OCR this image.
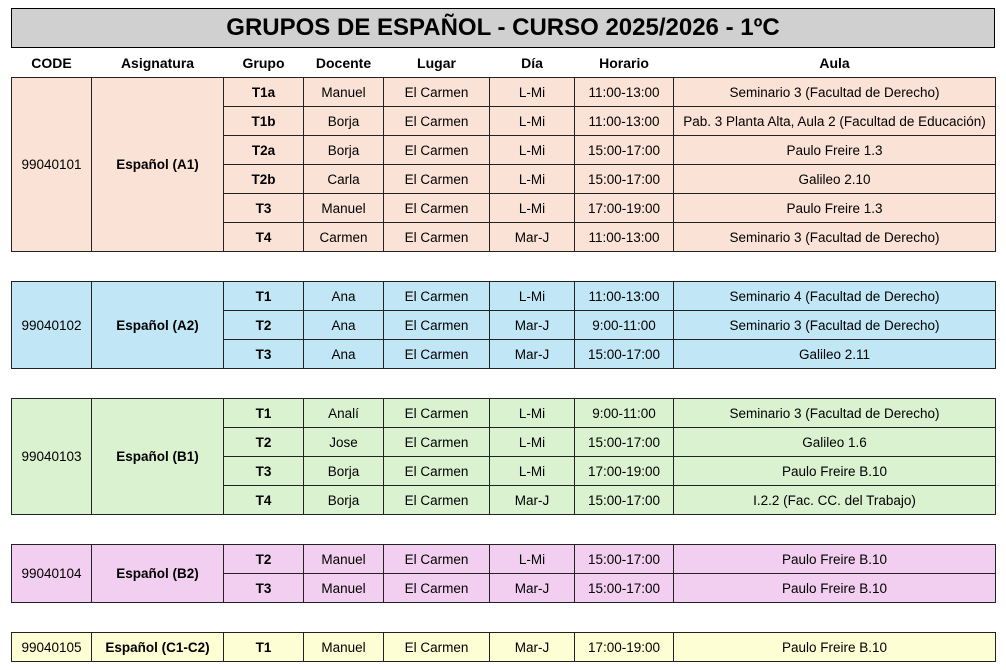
GRUPOS DE ESPAÑOL - CURSO 2025/2026 - 1ºC
CODE	Asignatura	Grupo	Docente	Lugar	Día	Horario	Aula
99040101	Español (A1)	T1a	Manuel	El Carmen	L-Mi	11:00-13:00	Seminario 3 (Facultad de Derecho)
		T1b	Borja	El Carmen	L-Mi	11:00-13:00	Pab. 3 Planta Alta, Aula 2 (Facultad de Educación)
		T2a	Borja	El Carmen	L-Mi	15:00-17:00	Paulo Freire 1.3
		T2b	Carla	El Carmen	L-Mi	15:00-17:00	Galileo 2.10
		T3	Manuel	El Carmen	L-Mi	17:00-19:00	Paulo Freire 1.3
		T4	Carmen	El Carmen	Mar-J	11:00-13:00	Seminario 3 (Facultad de Derecho)

99040102	Español (A2)	T1	Ana	El Carmen	L-Mi	11:00-13:00	Seminario 4 (Facultad de Derecho)
		T2	Ana	El Carmen	Mar-J	9:00-11:00	Seminario 3 (Facultad de Derecho)
		T3	Ana	El Carmen	Mar-J	15:00-17:00	Galileo 2.11

99040103	Español (B1)	T1	Analí	El Carmen	L-Mi	9:00-11:00	Seminario 3 (Facultad de Derecho)
		T2	Jose	El Carmen	L-Mi	15:00-17:00	Galileo 1.6
		T3	Borja	El Carmen	L-Mi	17:00-19:00	Paulo Freire B.10
		T4	Borja	El Carmen	Mar-J	15:00-17:00	I.2.2 (Fac. CC. del Trabajo)

99040104	Español (B2)	T2	Manuel	El Carmen	L-Mi	15:00-17:00	Paulo Freire B.10
		T3	Manuel	El Carmen	Mar-J	15:00-17:00	Paulo Freire B.10

99040105	Español (C1-C2)	T1	Manuel	El Carmen	Mar-J	17:00-19:00	Paulo Freire B.10
